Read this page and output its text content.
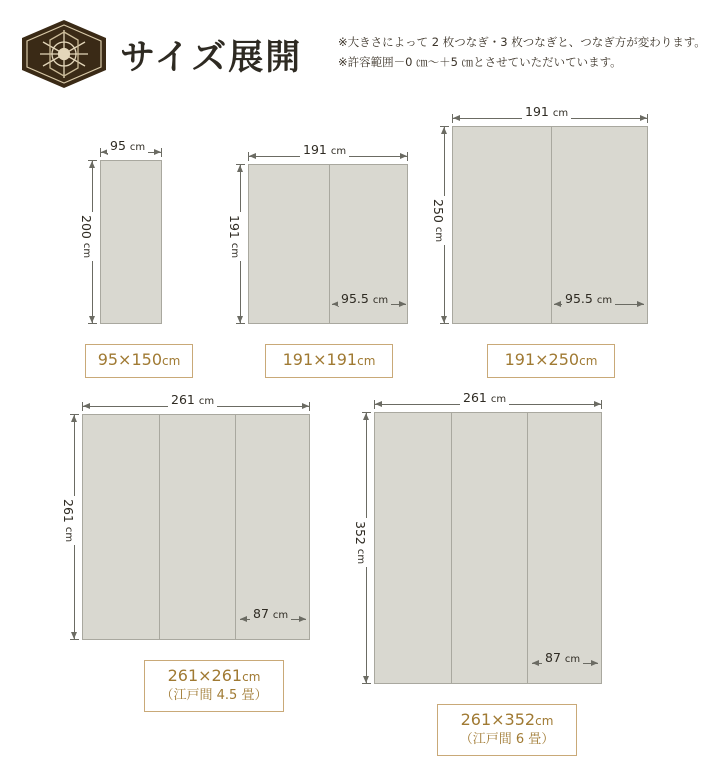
サイズ展開	※大きさによって 2 枚つなぎ・3 枚つなぎと、つなぎ方が変わります。
※許容範囲－0 ㎝～＋5 ㎝とさせていただいています。
95 cm
200 cm
95×150cm
191 cm
191 cm
95.5 cm
191×191cm
191 cm
250 cm
95.5 cm
191×250cm
261 cm
261 cm
87 cm
261×261cm
（江戸間 4.5 畳）
261 cm
352 cm
87 cm
261×352cm
（江戸間 6 畳）
